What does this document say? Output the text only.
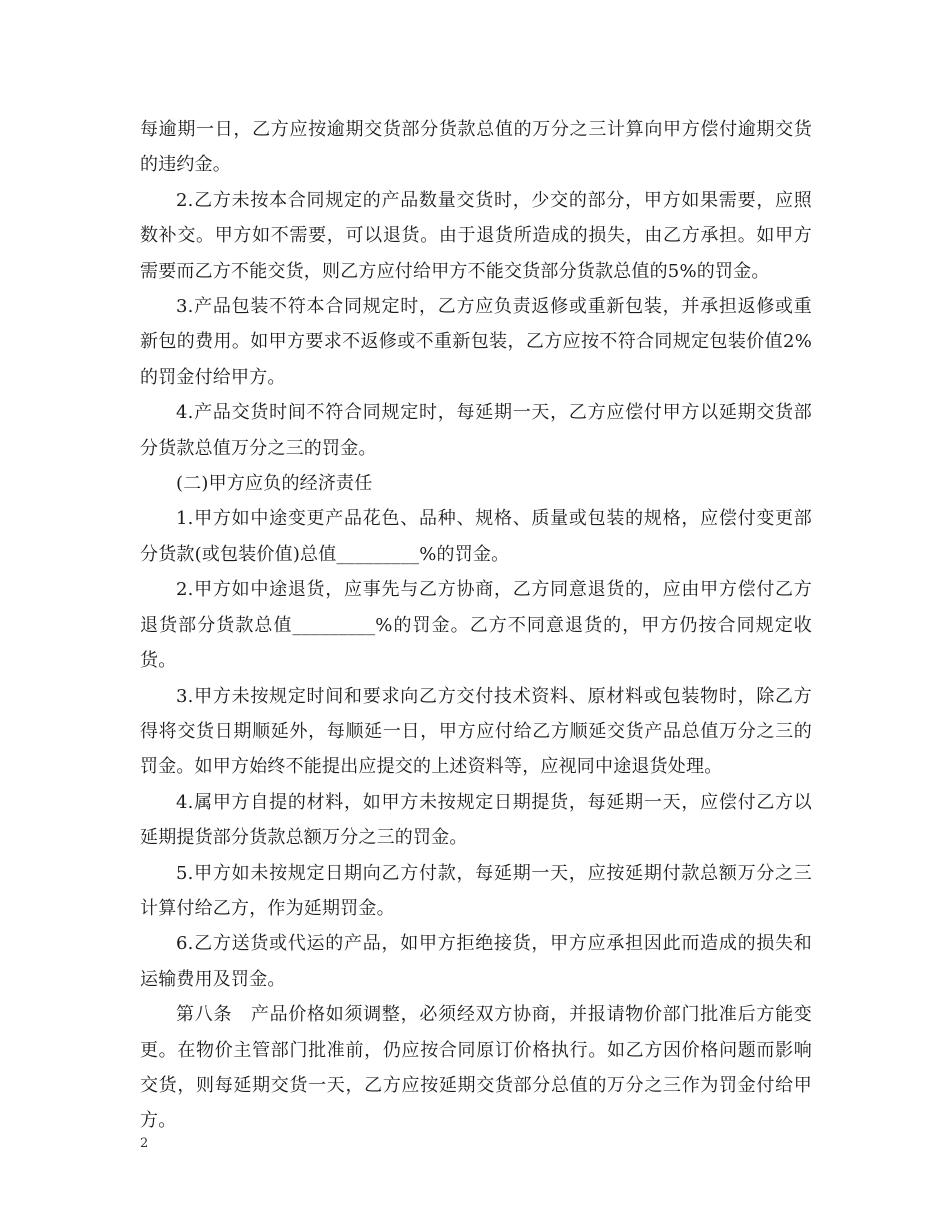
每逾期一日，乙方应按逾期交货部分货款总值的万分之三计算向甲方偿付逾期交货的违约金。

2.乙方未按本合同规定的产品数量交货时，少交的部分，甲方如果需要，应照数补交。甲方如不需要，可以退货。由于退货所造成的损失，由乙方承担。如甲方需要而乙方不能交货，则乙方应付给甲方不能交货部分货款总值的5%的罚金。

3.产品包装不符本合同规定时，乙方应负责返修或重新包装，并承担返修或重新包的费用。如甲方要求不返修或不重新包装，乙方应按不符合同规定包装价值2%的罚金付给甲方。

4.产品交货时间不符合同规定时，每延期一天，乙方应偿付甲方以延期交货部分货款总值万分之三的罚金。

(二)甲方应负的经济责任

1.甲方如中途变更产品花色、品种、规格、质量或包装的规格，应偿付变更部分货款(或包装价值)总值_________%的罚金。

2.甲方如中途退货，应事先与乙方协商，乙方同意退货的，应由甲方偿付乙方退货部分货款总值_________%的罚金。乙方不同意退货的，甲方仍按合同规定收货。

3.甲方未按规定时间和要求向乙方交付技术资料、原材料或包装物时，除乙方得将交货日期顺延外，每顺延一日，甲方应付给乙方顺延交货产品总值万分之三的罚金。如甲方始终不能提出应提交的上述资料等，应视同中途退货处理。

4.属甲方自提的材料，如甲方未按规定日期提货，每延期一天，应偿付乙方以延期提货部分货款总额万分之三的罚金。

5.甲方如未按规定日期向乙方付款，每延期一天，应按延期付款总额万分之三计算付给乙方，作为延期罚金。

6.乙方送货或代运的产品，如甲方拒绝接货，甲方应承担因此而造成的损失和运输费用及罚金。

第八条　产品价格如须调整，必须经双方协商，并报请物价部门批准后方能变更。在物价主管部门批准前，仍应按合同原订价格执行。如乙方因价格问题而影响交货，则每延期交货一天，乙方应按延期交货部分总值的万分之三作为罚金付给甲方。

2
